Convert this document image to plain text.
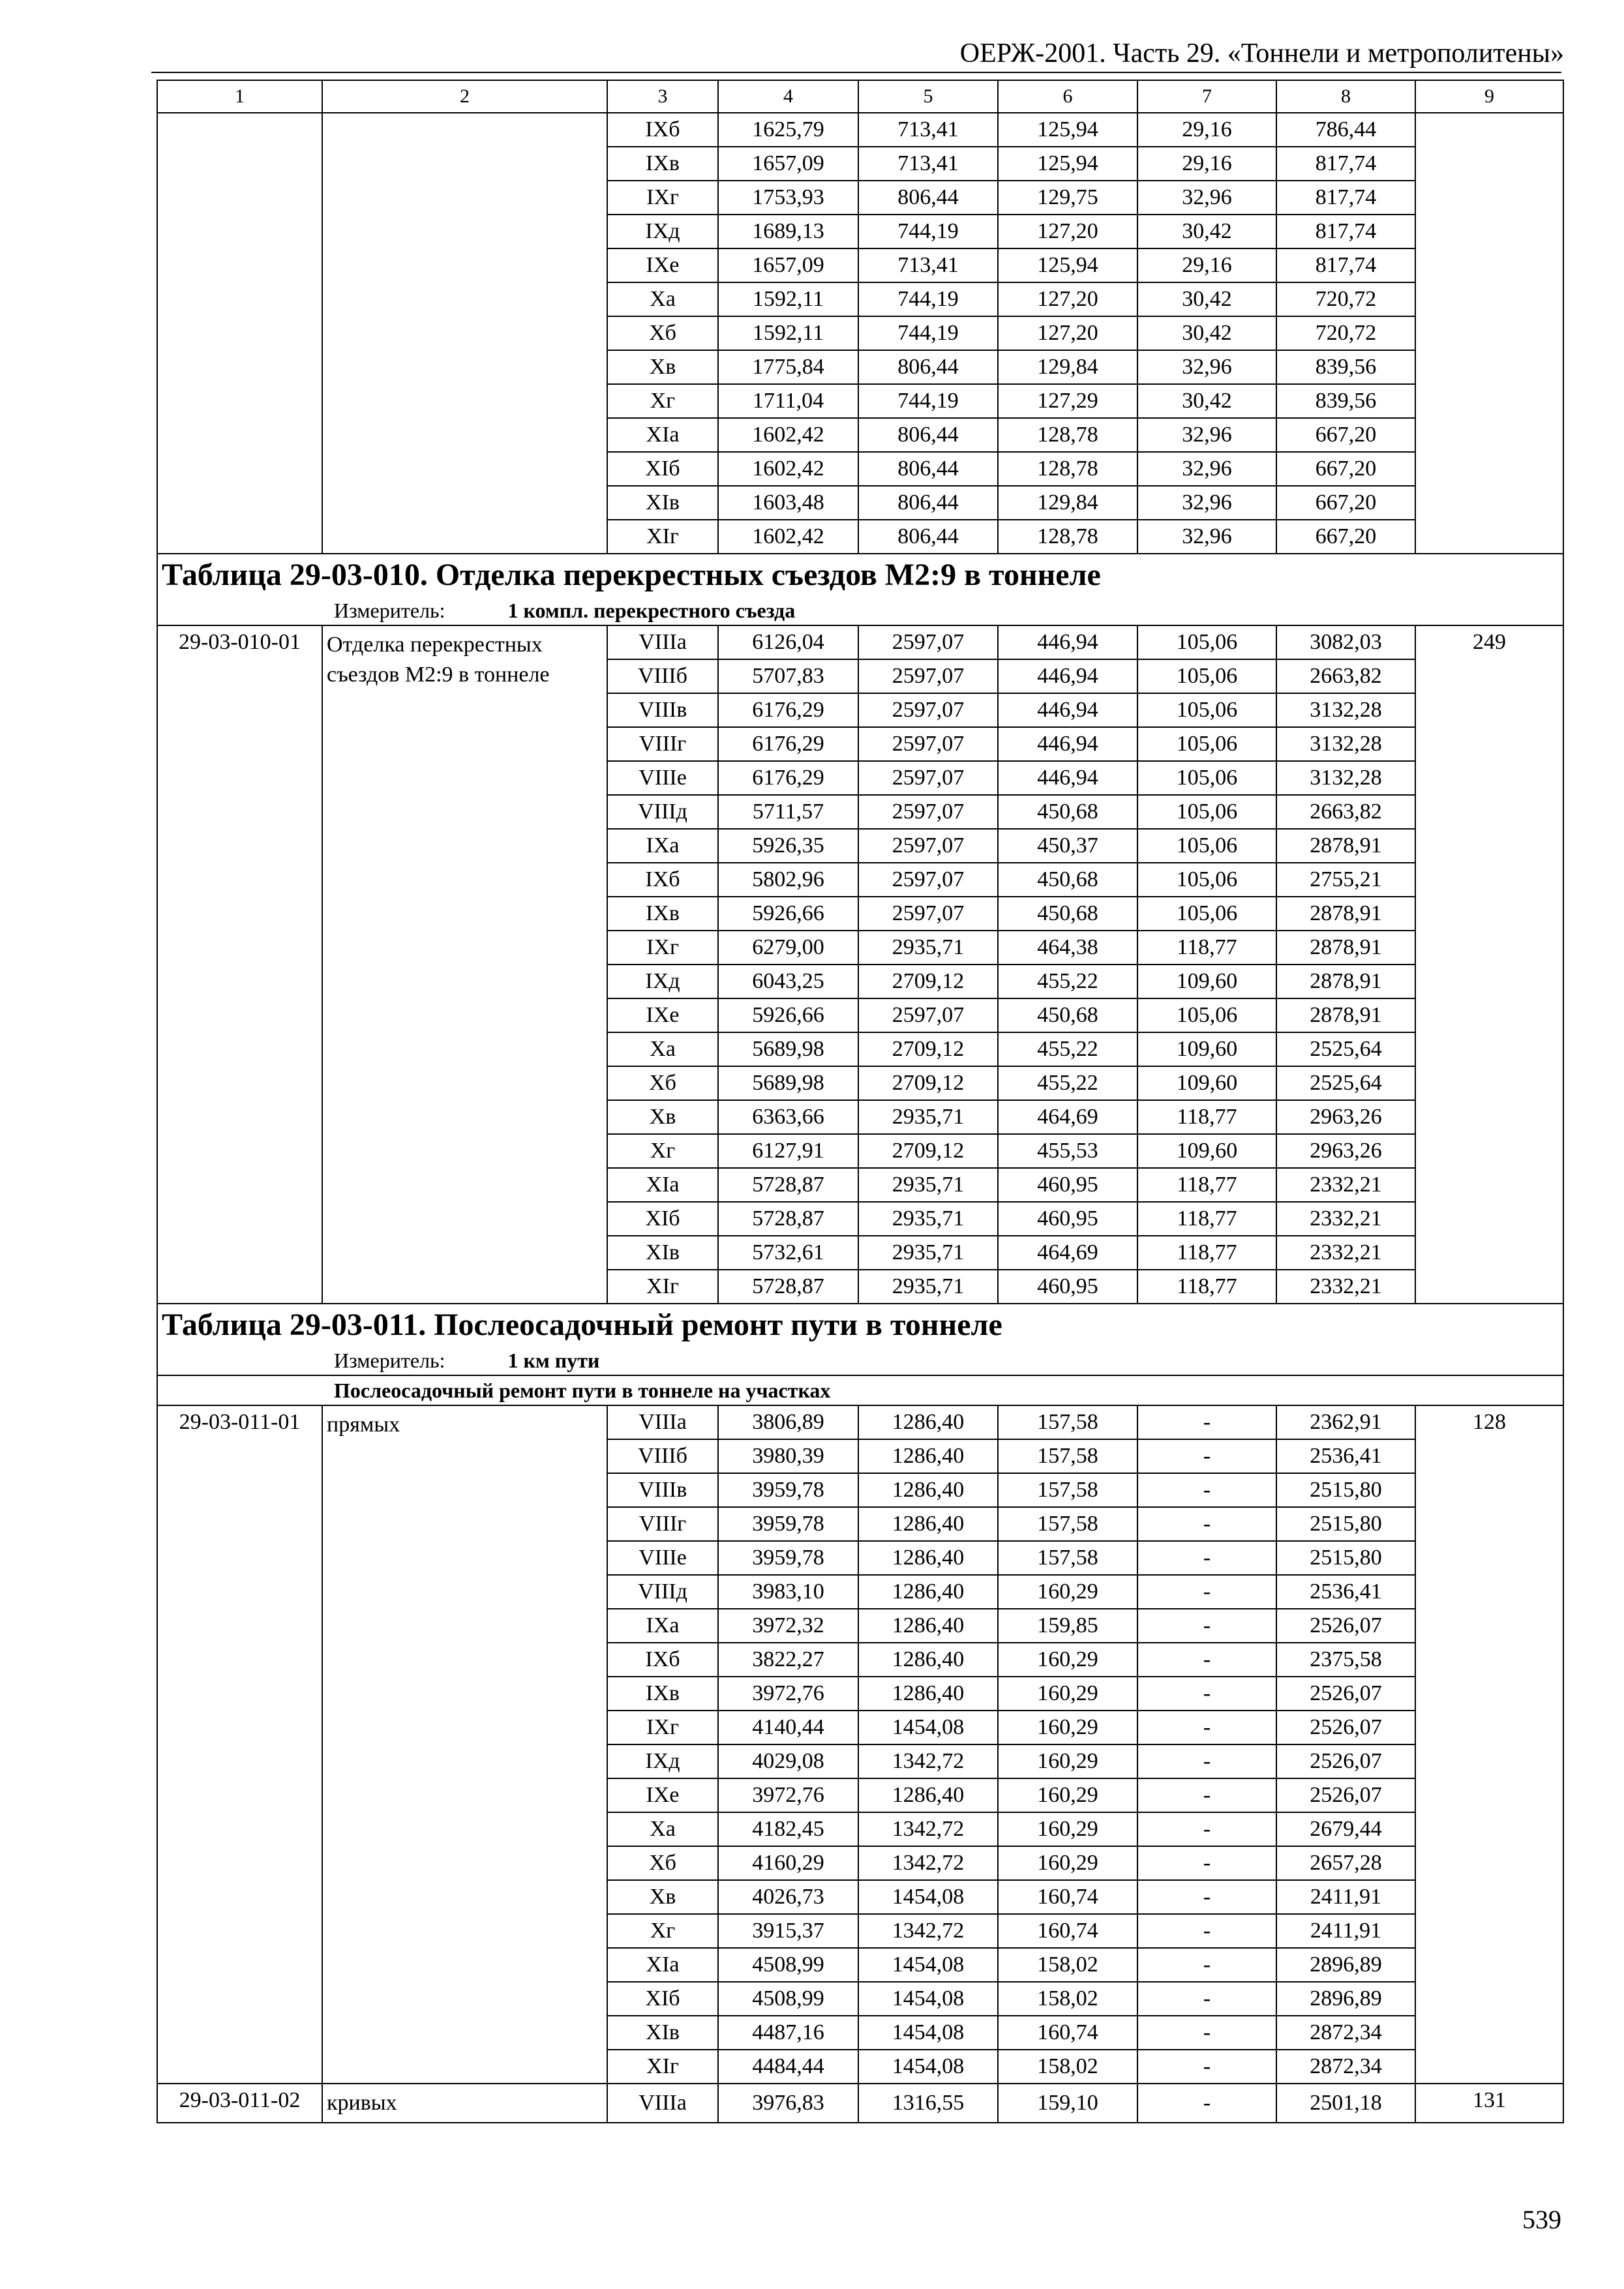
ОЕРЖ-2001. Часть 29. «Тоннели и метрополитены»
1	2	3	4	5	6	7	8	9
		IXб	1625,79	713,41	125,94	29,16	786,44	
		IXв	1657,09	713,41	125,94	29,16	817,74	
		IXг	1753,93	806,44	129,75	32,96	817,74	
		IXд	1689,13	744,19	127,20	30,42	817,74	
		IXе	1657,09	713,41	125,94	29,16	817,74	
		Xа	1592,11	744,19	127,20	30,42	720,72	
		Xб	1592,11	744,19	127,20	30,42	720,72	
		Xв	1775,84	806,44	129,84	32,96	839,56	
		Xг	1711,04	744,19	127,29	30,42	839,56	
		XIа	1602,42	806,44	128,78	32,96	667,20	
		XIб	1602,42	806,44	128,78	32,96	667,20	
		XIв	1603,48	806,44	129,84	32,96	667,20	
		XIг	1602,42	806,44	128,78	32,96	667,20	
Таблица 29-03-010. Отделка перекрестных съездов М2:9 в тоннеле								
Измеритель: 1 компл. перекрестного съезда								
29-03-010-01	Отделка перекрестных съездов М2:9 в тоннеле	VIIIа	6126,04	2597,07	446,94	105,06	3082,03	249
		VIIIб	5707,83	2597,07	446,94	105,06	2663,82	
		VIIIв	6176,29	2597,07	446,94	105,06	3132,28	
		VIIIг	6176,29	2597,07	446,94	105,06	3132,28	
		VIIIе	6176,29	2597,07	446,94	105,06	3132,28	
		VIIIд	5711,57	2597,07	450,68	105,06	2663,82	
		IXа	5926,35	2597,07	450,37	105,06	2878,91	
		IXб	5802,96	2597,07	450,68	105,06	2755,21	
		IXв	5926,66	2597,07	450,68	105,06	2878,91	
		IXг	6279,00	2935,71	464,38	118,77	2878,91	
		IXд	6043,25	2709,12	455,22	109,60	2878,91	
		IXе	5926,66	2597,07	450,68	105,06	2878,91	
		Xа	5689,98	2709,12	455,22	109,60	2525,64	
		Xб	5689,98	2709,12	455,22	109,60	2525,64	
		Xв	6363,66	2935,71	464,69	118,77	2963,26	
		Xг	6127,91	2709,12	455,53	109,60	2963,26	
		XIа	5728,87	2935,71	460,95	118,77	2332,21	
		XIб	5728,87	2935,71	460,95	118,77	2332,21	
		XIв	5732,61	2935,71	464,69	118,77	2332,21	
		XIг	5728,87	2935,71	460,95	118,77	2332,21	
Таблица 29-03-011. Послеосадочный ремонт пути в тоннеле								
Измеритель: 1 км пути								
Послеосадочный ремонт пути в тоннеле на участках								
29-03-011-01	прямых	VIIIа	3806,89	1286,40	157,58	-	2362,91	128
		VIIIб	3980,39	1286,40	157,58	-	2536,41	
		VIIIв	3959,78	1286,40	157,58	-	2515,80	
		VIIIг	3959,78	1286,40	157,58	-	2515,80	
		VIIIе	3959,78	1286,40	157,58	-	2515,80	
		VIIIд	3983,10	1286,40	160,29	-	2536,41	
		IXа	3972,32	1286,40	159,85	-	2526,07	
		IXб	3822,27	1286,40	160,29	-	2375,58	
		IXв	3972,76	1286,40	160,29	-	2526,07	
		IXг	4140,44	1454,08	160,29	-	2526,07	
		IXд	4029,08	1342,72	160,29	-	2526,07	
		IXе	3972,76	1286,40	160,29	-	2526,07	
		Xа	4182,45	1342,72	160,29	-	2679,44	
		Xб	4160,29	1342,72	160,29	-	2657,28	
		Xв	4026,73	1454,08	160,74	-	2411,91	
		Xг	3915,37	1342,72	160,74	-	2411,91	
		XIа	4508,99	1454,08	158,02	-	2896,89	
		XIб	4508,99	1454,08	158,02	-	2896,89	
		XIв	4487,16	1454,08	160,74	-	2872,34	
		XIг	4484,44	1454,08	158,02	-	2872,34	
29-03-011-02	кривых	VIIIа	3976,83	1316,55	159,10	-	2501,18	131
539
